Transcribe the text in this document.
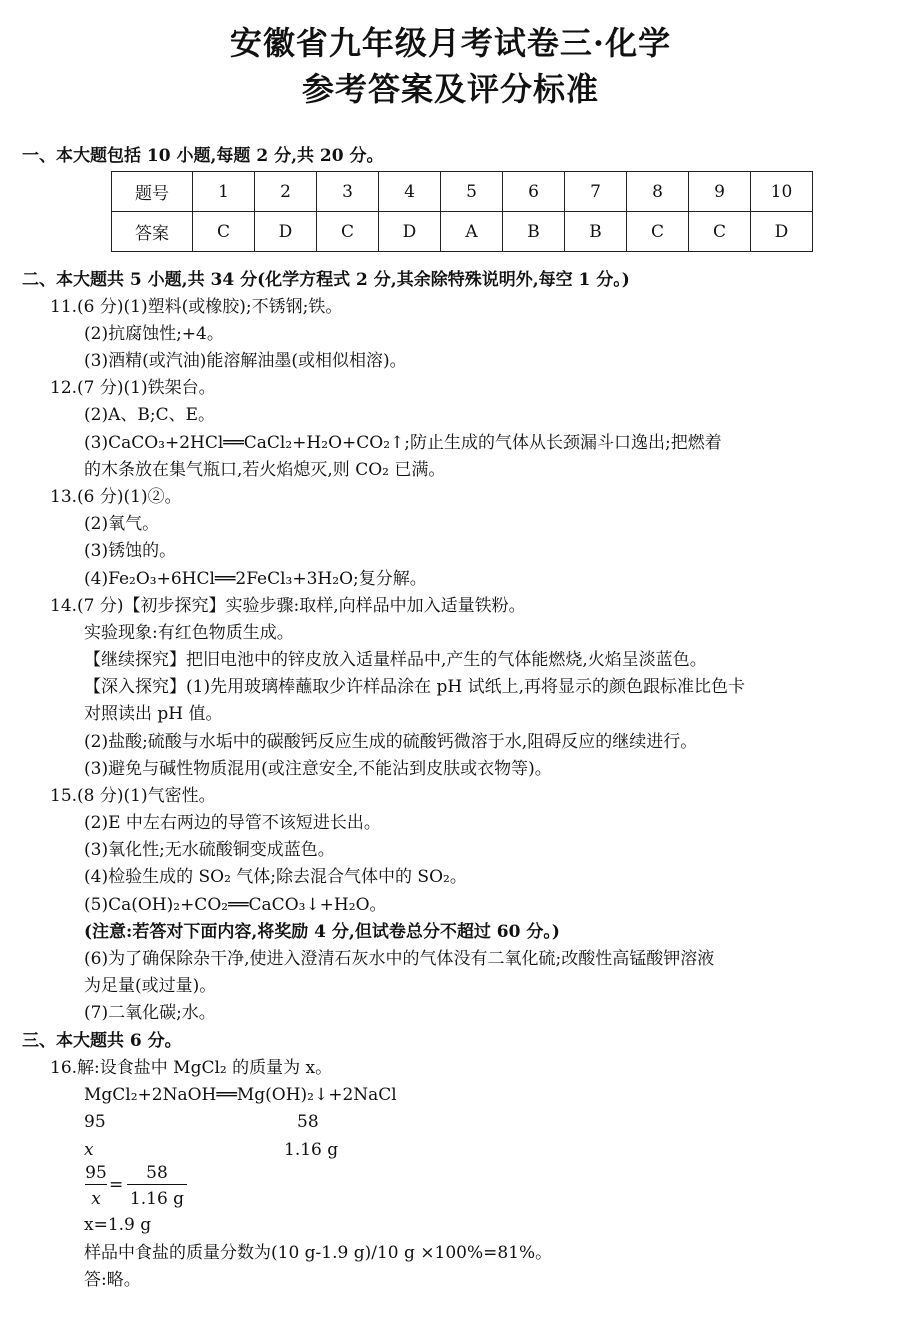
安徽省九年级月考试卷三·化学
参考答案及评分标准
一、本大题包括 10 小题,每题 2 分,共 20 分。
题号	1	2	3	4	5	6	7	8	9	10
答案	C	D	C	D	A	B	B	C	C	D
二、本大题共 5 小题,共 34 分(化学方程式 2 分,其余除特殊说明外,每空 1 分。)
11.(6 分)(1)塑料(或橡胶);不锈钢;铁。
(2)抗腐蚀性;+4。
(3)酒精(或汽油)能溶解油墨(或相似相溶)。
12.(7 分)(1)铁架台。
(2)A、B;C、E。
(3)CaCO₃+2HCl══CaCl₂+H₂O+CO₂↑;防止生成的气体从长颈漏斗口逸出;把燃着
的木条放在集气瓶口,若火焰熄灭,则 CO₂ 已满。
13.(6 分)(1)②。
(2)氧气。
(3)锈蚀的。
(4)Fe₂O₃+6HCl══2FeCl₃+3H₂O;复分解。
14.(7 分)【初步探究】实验步骤:取样,向样品中加入适量铁粉。
实验现象:有红色物质生成。
【继续探究】把旧电池中的锌皮放入适量样品中,产生的气体能燃烧,火焰呈淡蓝色。
【深入探究】(1)先用玻璃棒蘸取少许样品涂在 pH 试纸上,再将显示的颜色跟标准比色卡
对照读出 pH 值。
(2)盐酸;硫酸与水垢中的碳酸钙反应生成的硫酸钙微溶于水,阻碍反应的继续进行。
(3)避免与碱性物质混用(或注意安全,不能沾到皮肤或衣物等)。
15.(8 分)(1)气密性。
(2)E 中左右两边的导管不该短进长出。
(3)氧化性;无水硫酸铜变成蓝色。
(4)检验生成的 SO₂ 气体;除去混合气体中的 SO₂。
(5)Ca(OH)₂+CO₂══CaCO₃↓+H₂O。
(注意:若答对下面内容,将奖励 4 分,但试卷总分不超过 60 分。)
(6)为了确保除杂干净,使进入澄清石灰水中的气体没有二氧化硫;改酸性高锰酸钾溶液
为足量(或过量)。
(7)二氧化碳;水。
三、本大题共 6 分。
16.解:设食盐中 MgCl₂ 的质量为 x。
MgCl₂+2NaOH══Mg(OH)₂↓+2NaCl
95	58
x	1.16 g
95
x
=
58
1.16 g
x=1.9 g
样品中食盐的质量分数为(10 g-1.9 g)/10 g ×100%=81%。
答:略。
